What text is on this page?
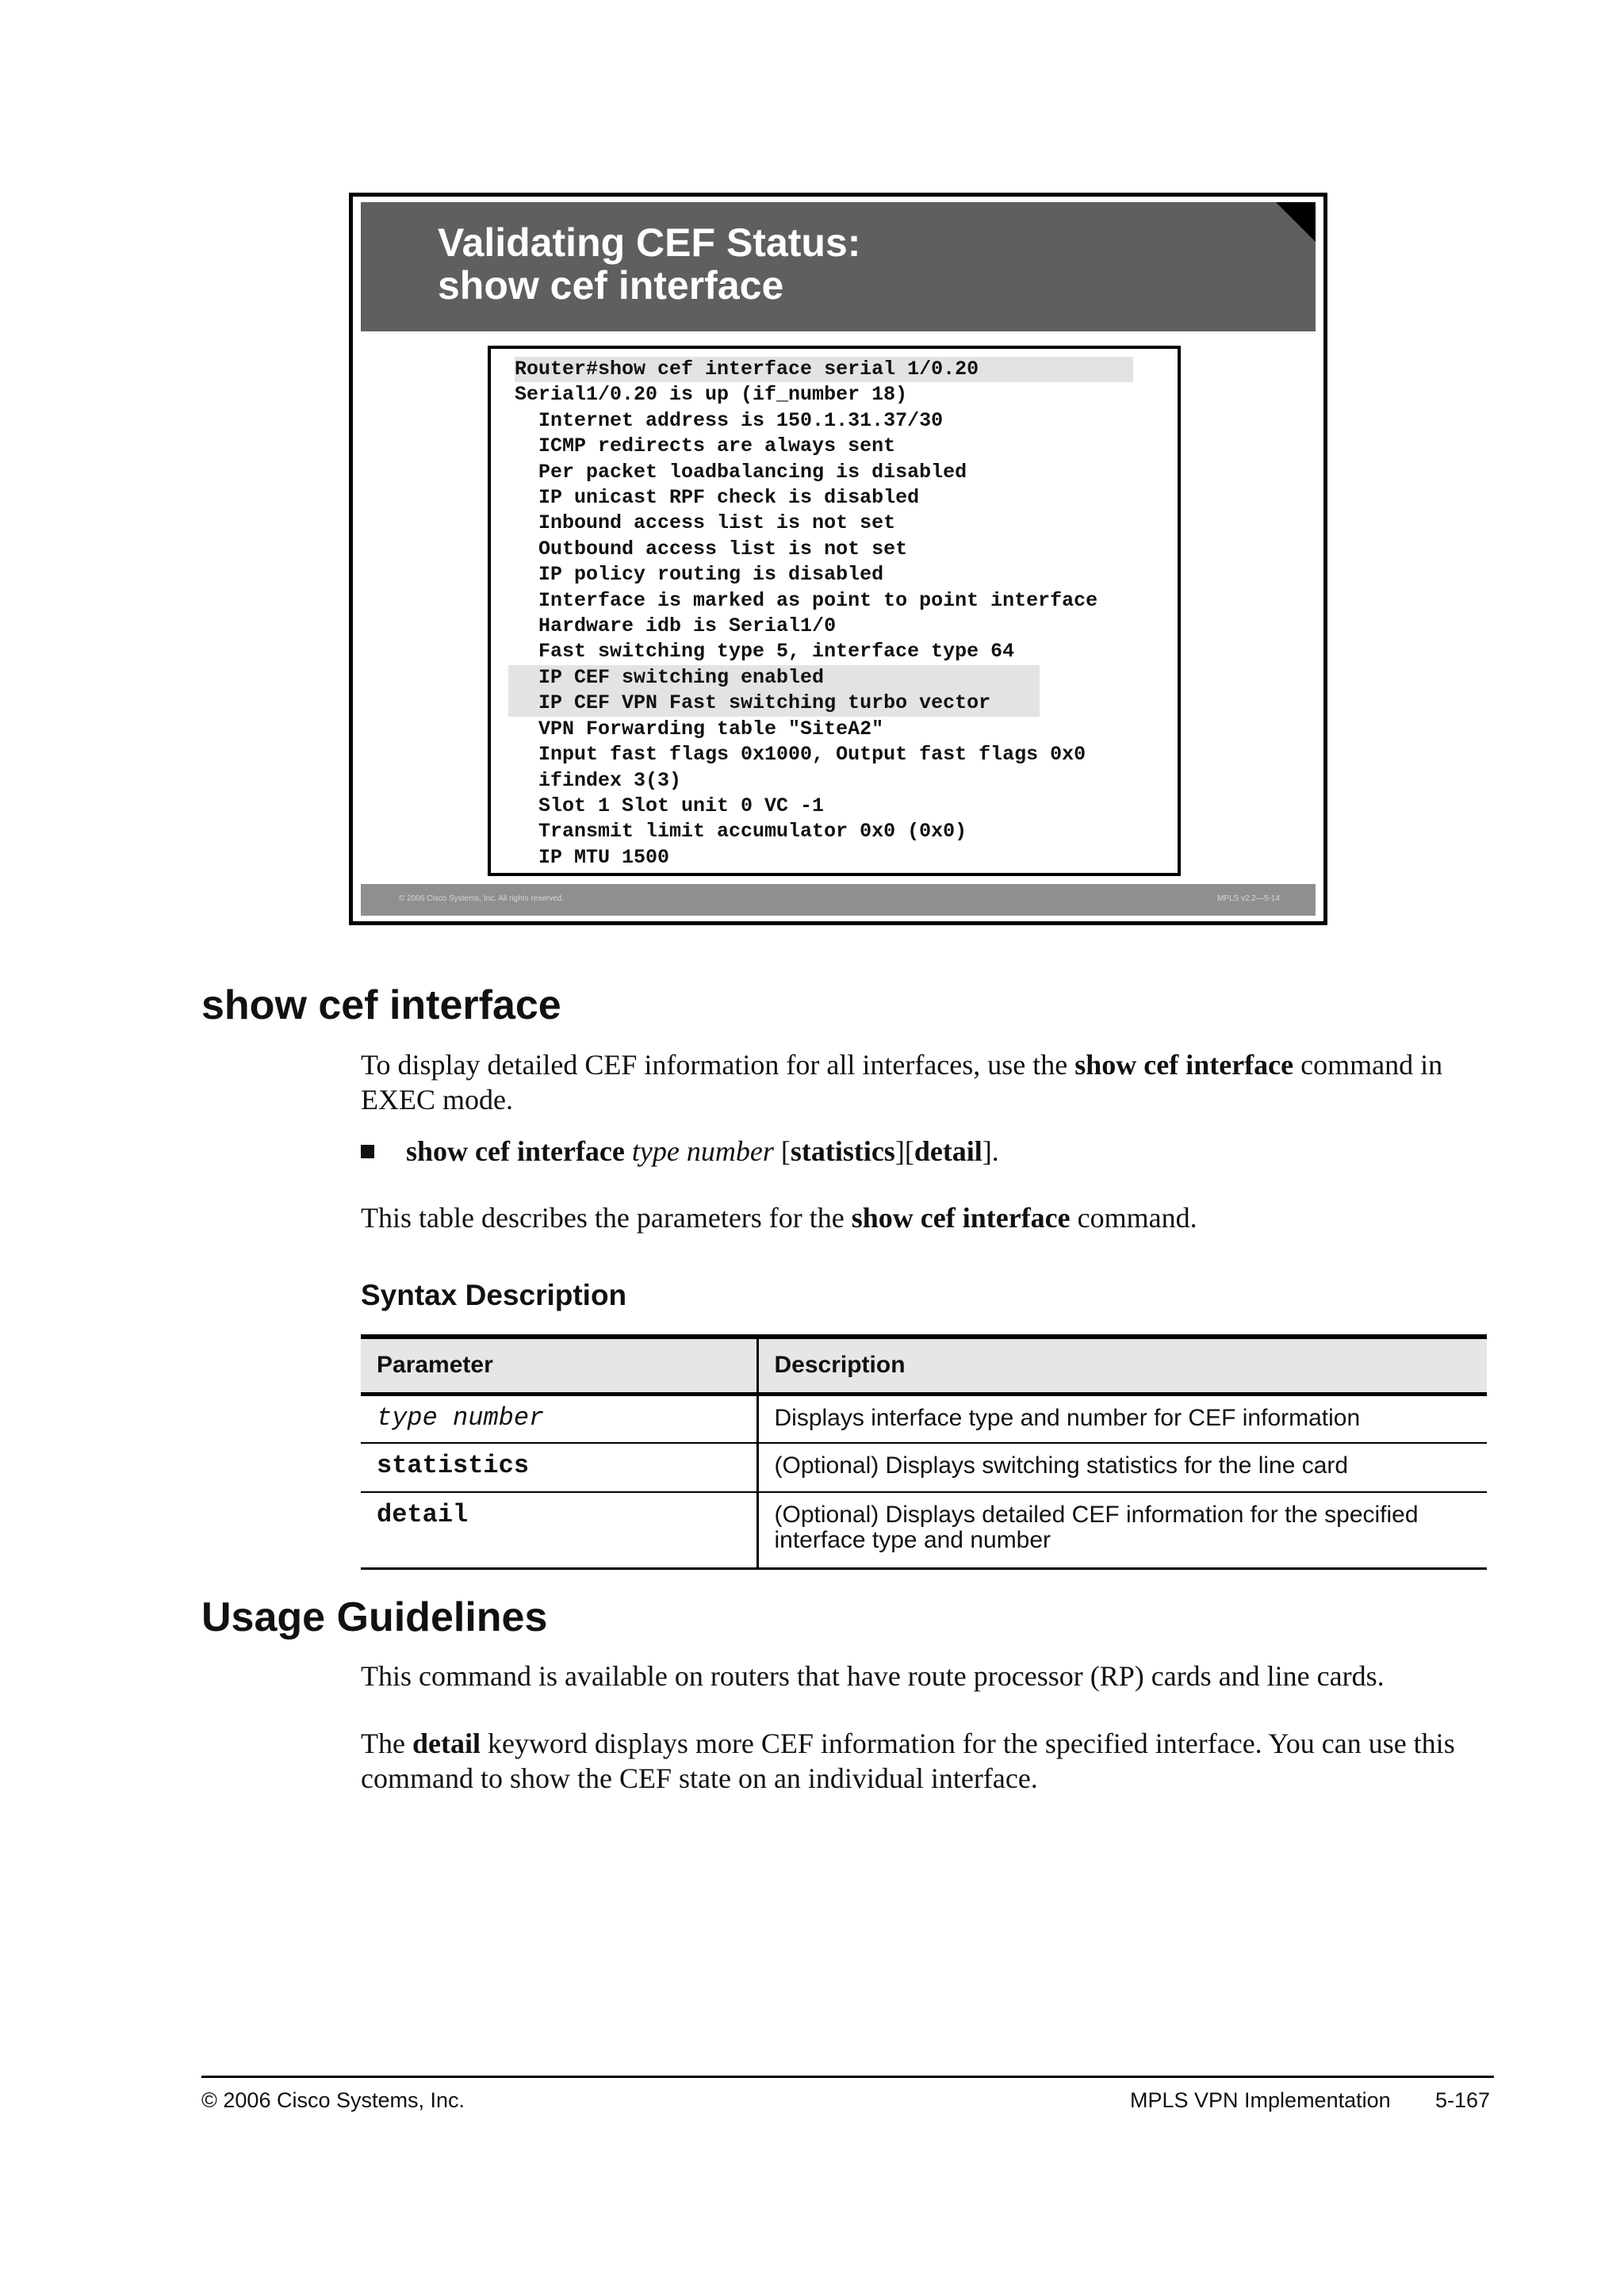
Validating CEF Status:
show cef interface
Router#show cef interface serial 1/0.20
Serial1/0.20 is up (if_number 18)
Internet address is 150.1.31.37/30
ICMP redirects are always sent
Per packet loadbalancing is disabled
IP unicast RPF check is disabled
Inbound access list is not set
Outbound access list is not set
IP policy routing is disabled
Interface is marked as point to point interface
Hardware idb is Serial1/0
Fast switching type 5, interface type 64
IP CEF switching enabled
IP CEF VPN Fast switching turbo vector
VPN Forwarding table "SiteA2"
Input fast flags 0x1000, Output fast flags 0x0
ifindex 3(3)
Slot 1 Slot unit 0 VC -1
Transmit limit accumulator 0x0 (0x0)
IP MTU 1500
© 2006 Cisco Systems, Inc. All rights reserved.	MPLS v2.2—5-14
show cef interface

To display detailed CEF information for all interfaces, use the show cef interface command in EXEC mode.

show cef interface type number [statistics][detail].

This table describes the parameters for the show cef interface command.

Syntax Description
Parameter	Description
type number	Displays interface type and number for CEF information
statistics	(Optional) Displays switching statistics for the line card
detail	(Optional) Displays detailed CEF information for the specified interface type and number
Usage Guidelines

This command is available on routers that have route processor (RP) cards and line cards.

The detail keyword displays more CEF information for the specified interface. You can use this command to show the CEF state on an individual interface.

© 2006 Cisco Systems, Inc.	MPLS VPN Implementation 5-167
